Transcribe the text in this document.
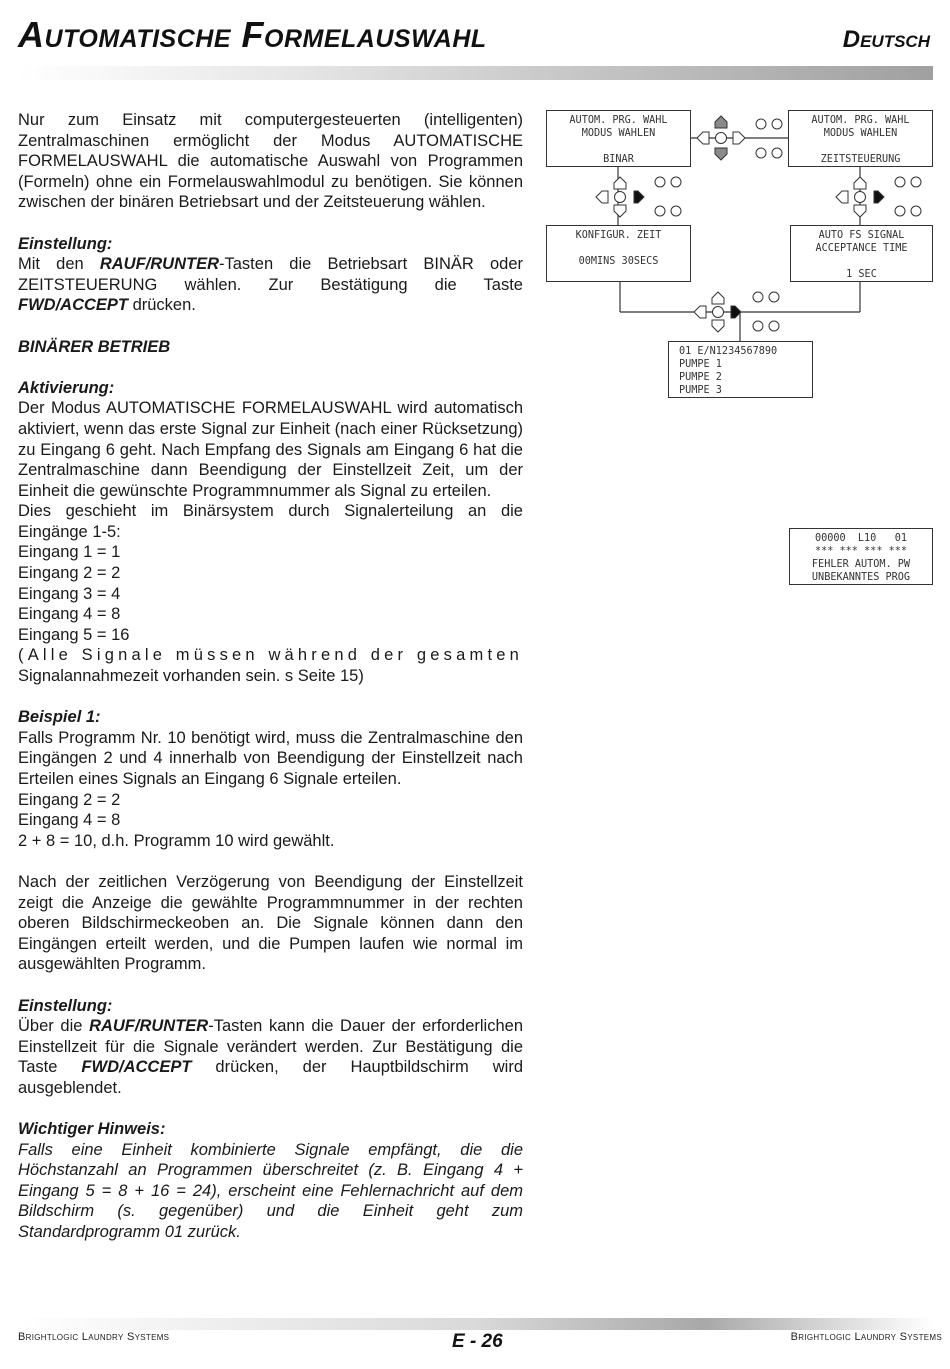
Automatische Formelauswahl	Deutsch

Nur zum Einsatz mit computergesteuerten (intelligenten) Zentralmaschinen ermöglicht der Modus AUTOMATISCHE FORMELAUSWAHL die automatische Auswahl von Programmen (Formeln) ohne ein Formelauswahlmodul zu benötigen. Sie können zwischen der binären Betriebsart und der Zeitsteuerung wählen.

Einstellung:

Mit den RAUF/RUNTER-Tasten die Betriebsart BINÄR oder ZEITSTEUERUNG wählen. Zur Bestätigung die Taste FWD/ACCEPT drücken.

BINÄRER BETRIEB

Aktivierung:

Der Modus AUTOMATISCHE FORMELAUSWAHL wird automatisch aktiviert, wenn das erste Signal zur Einheit (nach einer Rücksetzung) zu Eingang 6 geht. Nach Empfang des Signals am Eingang 6 hat die Zentralmaschine dann Beendigung der Einstellzeit Zeit, um der Einheit die gewünschte Programmnummer als Signal zu erteilen.

Dies geschieht im Binärsystem durch Signalerteilung an die Eingänge 1-5:

Eingang 1 = 1

Eingang 2 = 2

Eingang 3 = 4

Eingang 4 = 8

Eingang 5 = 16

(Alle Signale müssen während der gesamten

Signalannahmezeit vorhanden sein. s Seite 15)

Beispiel 1:

Falls Programm Nr. 10 benötigt wird, muss die Zentralmaschine den Eingängen 2 und 4 innerhalb von Beendigung der Einstellzeit nach Erteilen eines Signals an Eingang 6 Signale erteilen.

Eingang 2 = 2

Eingang 4 = 8

2 + 8 = 10, d.h. Programm 10 wird gewählt.

Nach der zeitlichen Verzögerung von Beendigung der Einstellzeit zeigt die Anzeige die gewählte Programmnummer in der rechten oberen Bildschirmeckeoben an. Die Signale können dann den Eingängen erteilt werden, und die Pumpen laufen wie normal im ausgewählten Programm.

Einstellung:

Über die RAUF/RUNTER-Tasten kann die Dauer der erforderlichen Einstellzeit für die Signale verändert werden. Zur Bestätigung die Taste FWD/ACCEPT drücken, der Hauptbildschirm wird ausgeblendet.

Wichtiger Hinweis:

Falls eine Einheit kombinierte Signale empfängt, die die Höchstanzahl an Programmen überschreitet (z. B. Eingang 4 + Eingang 5 = 8 + 16 = 24), erscheint eine Fehlernachricht auf dem Bildschirm (s. gegenüber) und die Einheit geht zum Standardprogramm 01 zurück.

AUTOM. PRG. WAHL
MODUS WAHLEN

BINAR
AUTOM. PRG. WAHL
MODUS WAHLEN

ZEITSTEUERUNG
KONFIGUR. ZEIT

00MINS 30SECS
AUTO FS SIGNAL
ACCEPTANCE TIME

1 SEC
01 E/N1234567890
PUMPE 1
PUMPE 2
PUMPE 3
00000  L10   01
*** *** *** ***
FEHLER AUTOM. PW
UNBEKANNTES PROG
Brightlogic Laundry Systems	E - 26	Brightlogic Laundry Systems
